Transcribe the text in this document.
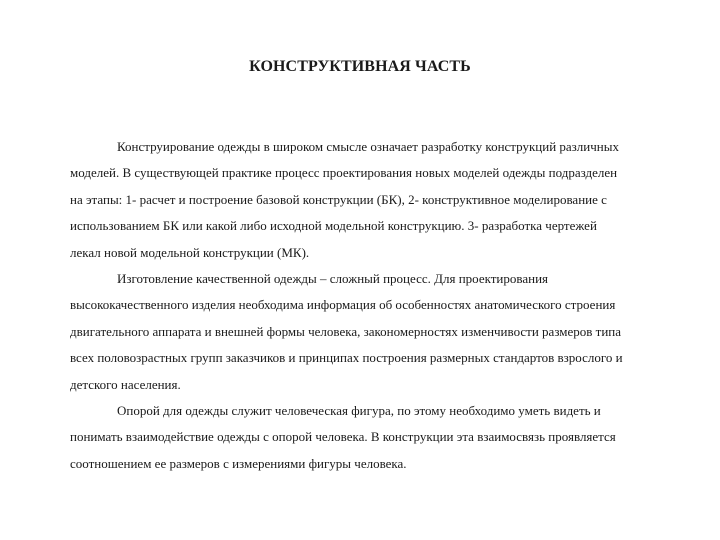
КОНСТРУКТИВНАЯ ЧАСТЬ
Конструирование одежды в широком смысле означает разработку конструкций различных
моделей. В существующей практике процесс проектирования новых моделей одежды подразделен
на этапы: 1- расчет и построение базовой конструкции (БК), 2- конструктивное моделирование с
использованием БК или какой либо исходной модельной конструкцию. 3- разработка чертежей
лекал новой модельной конструкции (МК).
Изготовление качественной одежды – сложный процесс. Для проектирования
высококачественного изделия необходима информация об особенностях анатомического строения
двигательного аппарата и внешней формы человека, закономерностях изменчивости размеров типа
всех половозрастных групп заказчиков и принципах построения размерных стандартов взрослого и
детского населения.
Опорой для одежды служит человеческая фигура, по этому необходимо уметь видеть и
понимать взаимодействие одежды с опорой человека. В конструкции эта взаимосвязь проявляется
соотношением ее размеров с измерениями фигуры человека.
